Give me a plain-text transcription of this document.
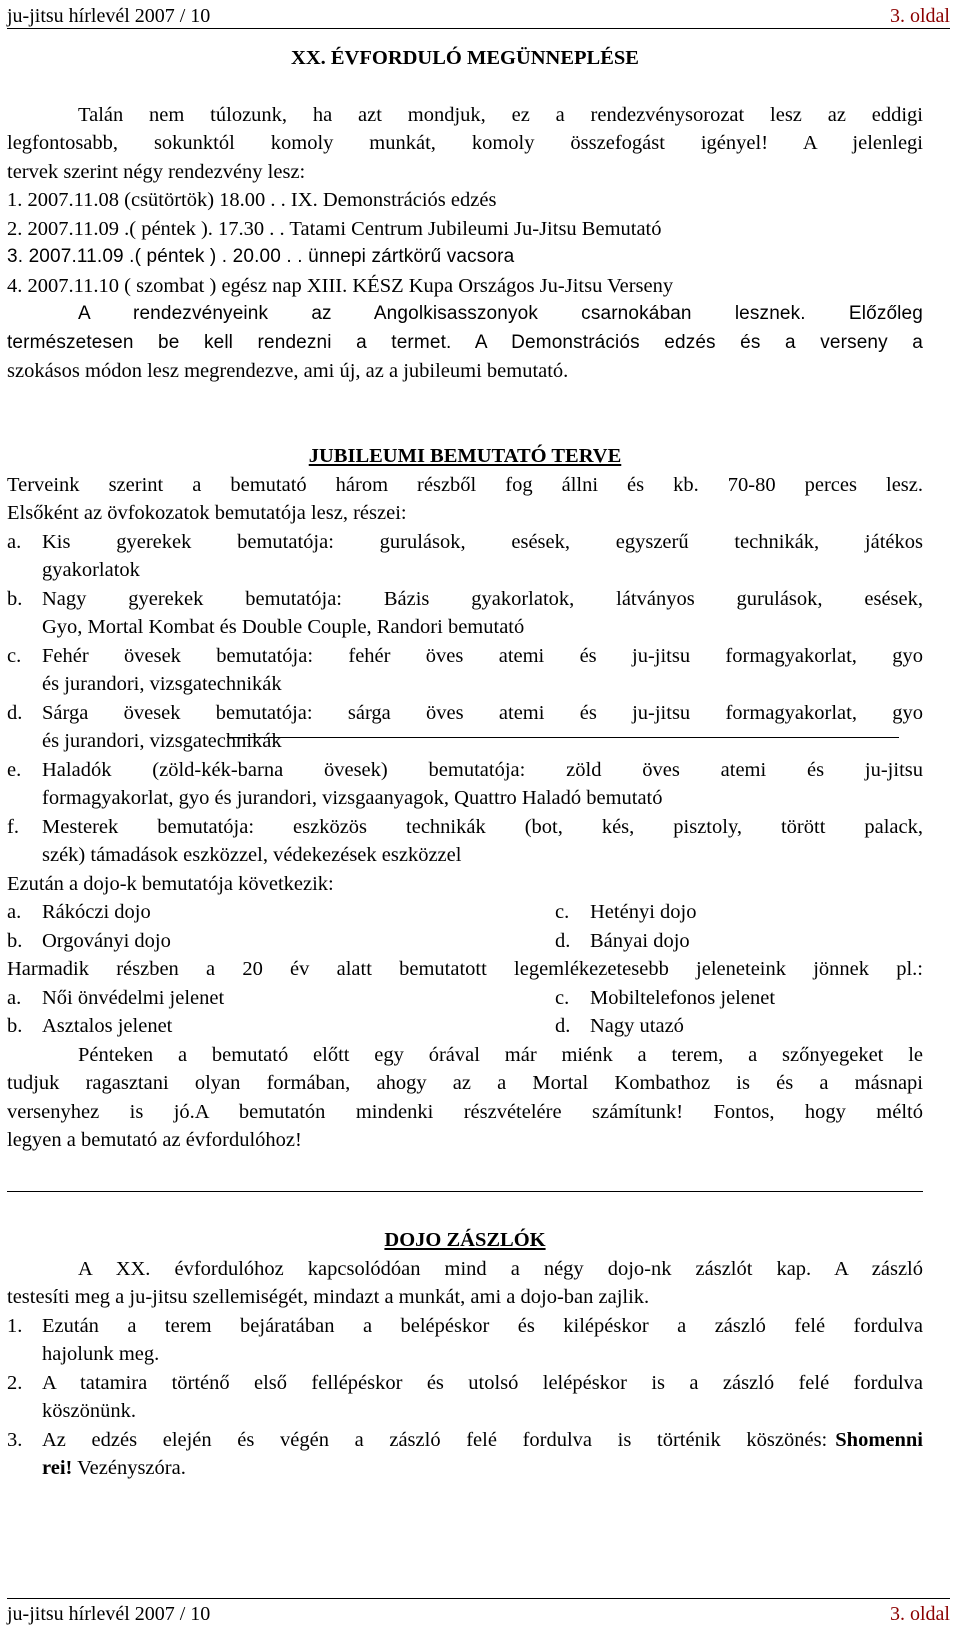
ju-jitsu hírlevél 2007 / 10	3. oldal
XX. ÉVFORDULÓ MEGÜNNEPLÉSE
Talán nem túlozunk, ha azt mondjuk, ez a rendezvénysorozat lesz az eddigi
legfontosabb, sokunktól komoly munkát, komoly összefogást igényel! A jelenlegi
tervek szerint négy rendezvény lesz:
1. 2007.11.08 (csütörtök) 18.00 . . IX. Demonstrációs edzés
2. 2007.11.09 .( péntek ). 17.30 . . Tatami Centrum Jubileumi Ju-Jitsu Bemutató
3. 2007.11.09 .( péntek ) . 20.00 . . ünnepi zártkörű vacsora
4. 2007.11.10 ( szombat ) egész nap XIII. KÉSZ Kupa Országos Ju-Jitsu Verseny
A rendezvényeink az Angolkisasszonyok csarnokában lesznek. Előzőleg
természetesen be kell rendezni a termet. A Demonstrációs edzés és a verseny a
szokásos módon lesz megrendezve, ami új, az a jubileumi bemutató.
JUBILEUMI BEMUTATÓ TERVE
Terveink szerint a bemutató három részből fog állni és kb. 70-80 perces lesz.
Elsőként az övfokozatok bemutatója lesz, részei:
a.	Kis gyerekek bemutatója: gurulások, esések, egyszerű technikák, játékos
gyakorlatok
b. Nagy gyerekek bemutatója: Bázis gyakorlatok, látványos gurulások, esések,
Gyo, Mortal Kombat és Double Couple, Randori bemutató
c.	Fehér övesek bemutatója: fehér öves atemi és ju-jitsu formagyakorlat, gyo
és jurandori, vizsgatechnikák
d. Sárga övesek bemutatója: sárga öves atemi és ju-jitsu formagyakorlat, gyo
és jurandori, vizsgatechnikák
e.	Haladók (zöld-kék-barna övesek) bemutatója: zöld öves atemi és ju-jitsu
formagyakorlat, gyo és jurandori, vizsgaanyagok, Quattro Haladó bemutató
f.	Mesterek bemutatója: eszközös technikák (bot, kés, pisztoly, törött palack,
szék) támadások eszközzel, védekezések eszközzel
Ezután a dojo-k bemutatója következik:
a.	Rákóczi dojo	c.	Hetényi dojo
b. Orgoványi dojo	d. Bányai dojo
Harmadik részben a 20 év alatt bemutatott legemlékezetesebb jeleneteink jönnek pl.:
a.	Női önvédelmi jelenet	c.	Mobiltelefonos jelenet
b. Asztalos jelenet	d. Nagy utazó
Pénteken a bemutató előtt egy órával már miénk a terem, a szőnyegeket le
tudjuk ragasztani olyan formában, ahogy az a Mortal Kombathoz is és a másnapi
versenyhez is jó.A bemutatón mindenki részvételére számítunk! Fontos, hogy méltó
legyen a bemutató az évfordulóhoz!
DOJO ZÁSZLÓK
A XX. évfordulóhoz kapcsolódóan mind a négy dojo-nk zászlót kap. A zászló
testesíti meg a ju-jitsu szellemiségét, mindazt a munkát, ami a dojo-ban zajlik.
1. Ezután a terem bejáratában a belépéskor és kilépéskor a zászló felé fordulva
hajolunk meg.
2. A tatamira történő első fellépéskor és utolsó lelépéskor is a zászló felé fordulva
köszönünk.
3. Az edzés elején és végén a zászló felé fordulva is történik köszönés: Shomenni
rei! Vezényszóra.
ju-jitsu hírlevél 2007 / 10	3. oldal
